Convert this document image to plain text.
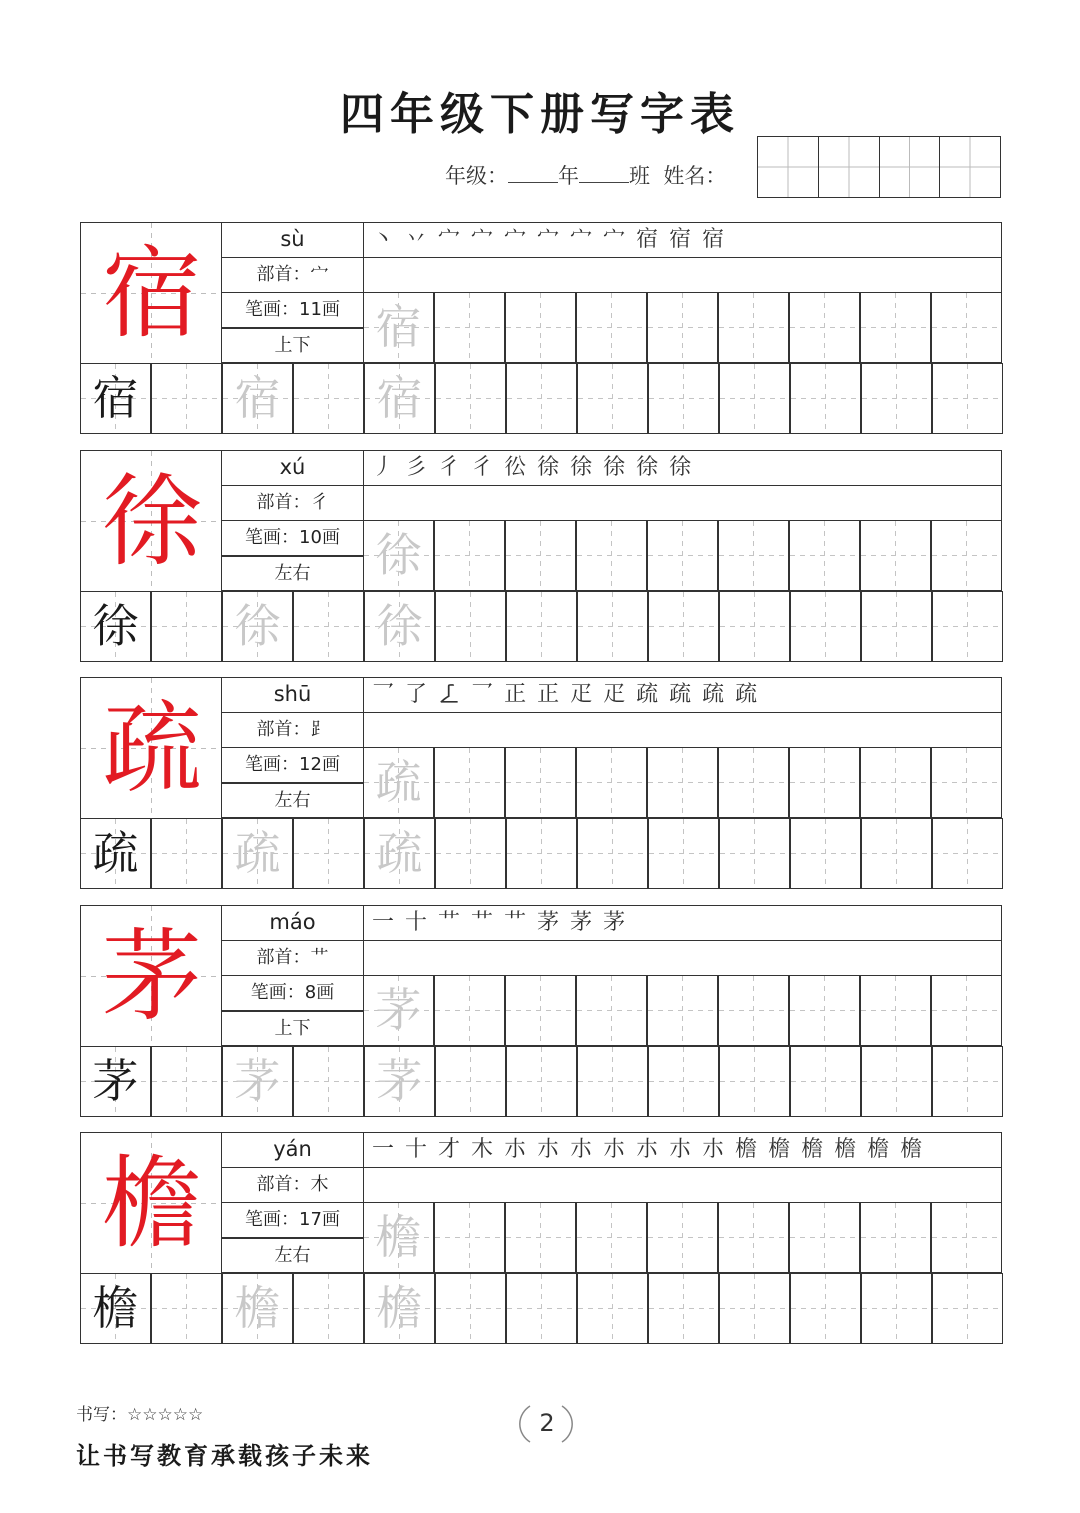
四年级下册写字表
年级： 年 班 姓名：
宿	sù
部首：宀
笔画：11画
上下
丶 丷 宀 宀 宀 宀 宀 宀 宿 宿 宿
宿
宿 宿 宿
徐	xú
部首：彳
笔画：10画
左右
丿 彡 彳 彳 彸 徐 徐 徐 徐 徐
徐
徐 徐 徐
疏	shū
部首：⻊
笔画：12画
左右
乛 了 𠄏 乛 正 正 疋 疋 疏 疏 疏 疏
疏
疏 疏 疏
茅	máo
部首：艹
笔画：8画
上下
一 十 艹 艹 艹 茅 茅 茅
茅
茅 茅 茅
檐	yán
部首：木
笔画：17画
左右
一 十 才 木 朩 朩 朩 朩 朩 朩 朩 檐 檐 檐 檐 檐 檐
檐
檐 檐 檐
书写：☆☆☆☆☆
让书写教育承载孩子未来
2
